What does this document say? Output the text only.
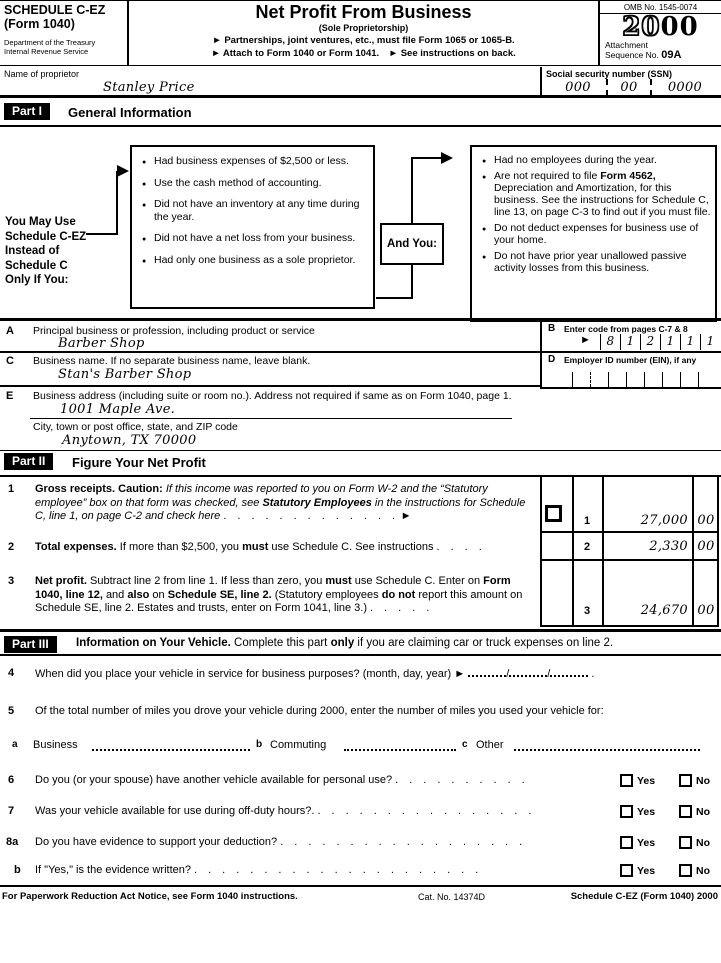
SCHEDULE C-EZ
(Form 1040)
Department of the Treasury
Internal Revenue Service
Net Profit From Business
(Sole Proprietorship)
► Partnerships, joint ventures, etc., must file Form 1065 or 1065-B.
► Attach to Form 1040 or Form 1041. ► See instructions on back.
OMB No. 1545-0074
2000
Attachment
Sequence No. 09A
Name of proprietor
Stanley Price
Social security number (SSN)
000	00	0000
Part I	General Information
You May Use
Schedule C-EZ
Instead of
Schedule C
Only If You:
● Had business expenses of $2,500 or less.
● Use the cash method of accounting.
● Did not have an inventory at any time during the year.
● Did not have a net loss from your business.
● Had only one business as a sole proprietor.
And You:
● Had no employees during the year.
● Are not required to file Form 4562, Depreciation and Amortization, for this business. See the instructions for Schedule C, line 13, on page C-3 to find out if you must file.
● Do not deduct expenses for business use of your home.
● Do not have prior year unallowed passive activity losses from this business.
A Principal business or profession, including product or service
Barber Shop
C Business name. If no separate business name, leave blank.
Stan's Barber Shop
E Business address (including suite or room no.). Address not required if same as on Form 1040, page 1.
1001 Maple Ave.
City, town or post office, state, and ZIP code
Anytown, TX 70000
B Enter code from pages C-7 & 8
►	8	1	2	1	1	1
D Employer ID number (EIN), if any
Part II	Figure Your Net Profit
1 Gross receipts. Caution: If this income was reported to you on Form W-2 and the “Statutory employee” box on that form was checked, see Statutory Employees in the instructions for Schedule C, line 1, on page C-2 and check here . . . . . . . . . . . . . ►
2 Total expenses. If more than $2,500, you must use Schedule C. See instructions . . . .
3 Net profit. Subtract line 2 from line 1. If less than zero, you must use Schedule C. Enter on Form 1040, line 12, and also on Schedule SE, line 2. (Statutory employees do not report this amount on Schedule SE, line 2. Estates and trusts, enter on Form 1041, line 3.) . . . . .
1	27,000 00
2	2,330 00
3	24,670 00
Part III	Information on Your Vehicle. Complete this part only if you are claiming car or truck expenses on line 2.
4 When did you place your vehicle in service for business purposes? (month, day, year) ►	/	/	.
5 Of the total number of miles you drove your vehicle during 2000, enter the number of miles you used your vehicle for:
a Business	b Commuting	c Other
6 Do you (or your spouse) have another vehicle available for personal use? . . . . . . . . . .	Yes	No
7 Was your vehicle available for use during off-duty hours?. . . . . . . . . . . . . . . . .	Yes	No
8a Do you have evidence to support your deduction? . . . . . . . . . . . . . . . . . .	Yes	No
b If "Yes," is the evidence written? . . . . . . . . . . . . . . . . . . . . .	Yes	No
For Paperwork Reduction Act Notice, see Form 1040 instructions.	Cat. No. 14374D	Schedule C-EZ (Form 1040) 2000
